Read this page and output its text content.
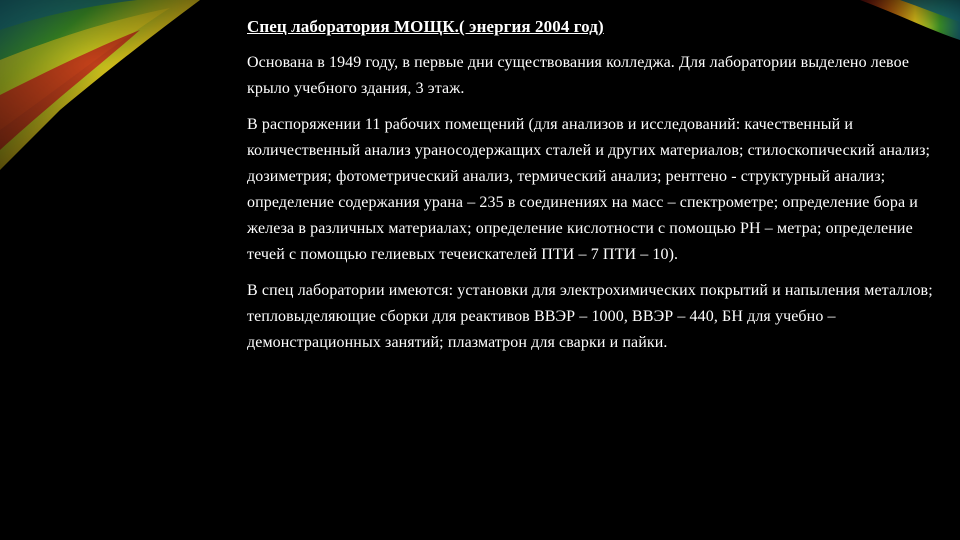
Спец лаборатория МОЩК.( энергия 2004 год)

Основана в 1949 году, в первые дни существования колледжа. Для лаборатории выделено левое крыло учебного здания, 3 этаж.

В распоряжении 11 рабочих помещений (для анализов и исследований: качественный и количественный анализ ураносодержащих сталей и других материалов; стилоскопический анализ; дозиметрия; фотометрический анализ, термический анализ; рентгено - структурный анализ; определение содержания урана – 235 в соединениях на масс – спектрометре; определение бора и железа в различных материалах; определение кислотности с помощью PH – метра; определение течей с помощью гелиевых течеискателей ПТИ – 7 ПТИ – 10).

В спец лаборатории имеются: установки для электрохимических покрытий и напыления металлов; тепловыделяющие сборки для реактивов ВВЭР – 1000, ВВЭР – 440, БН для учебно – демонстрационных занятий; плазматрон для сварки и пайки.
